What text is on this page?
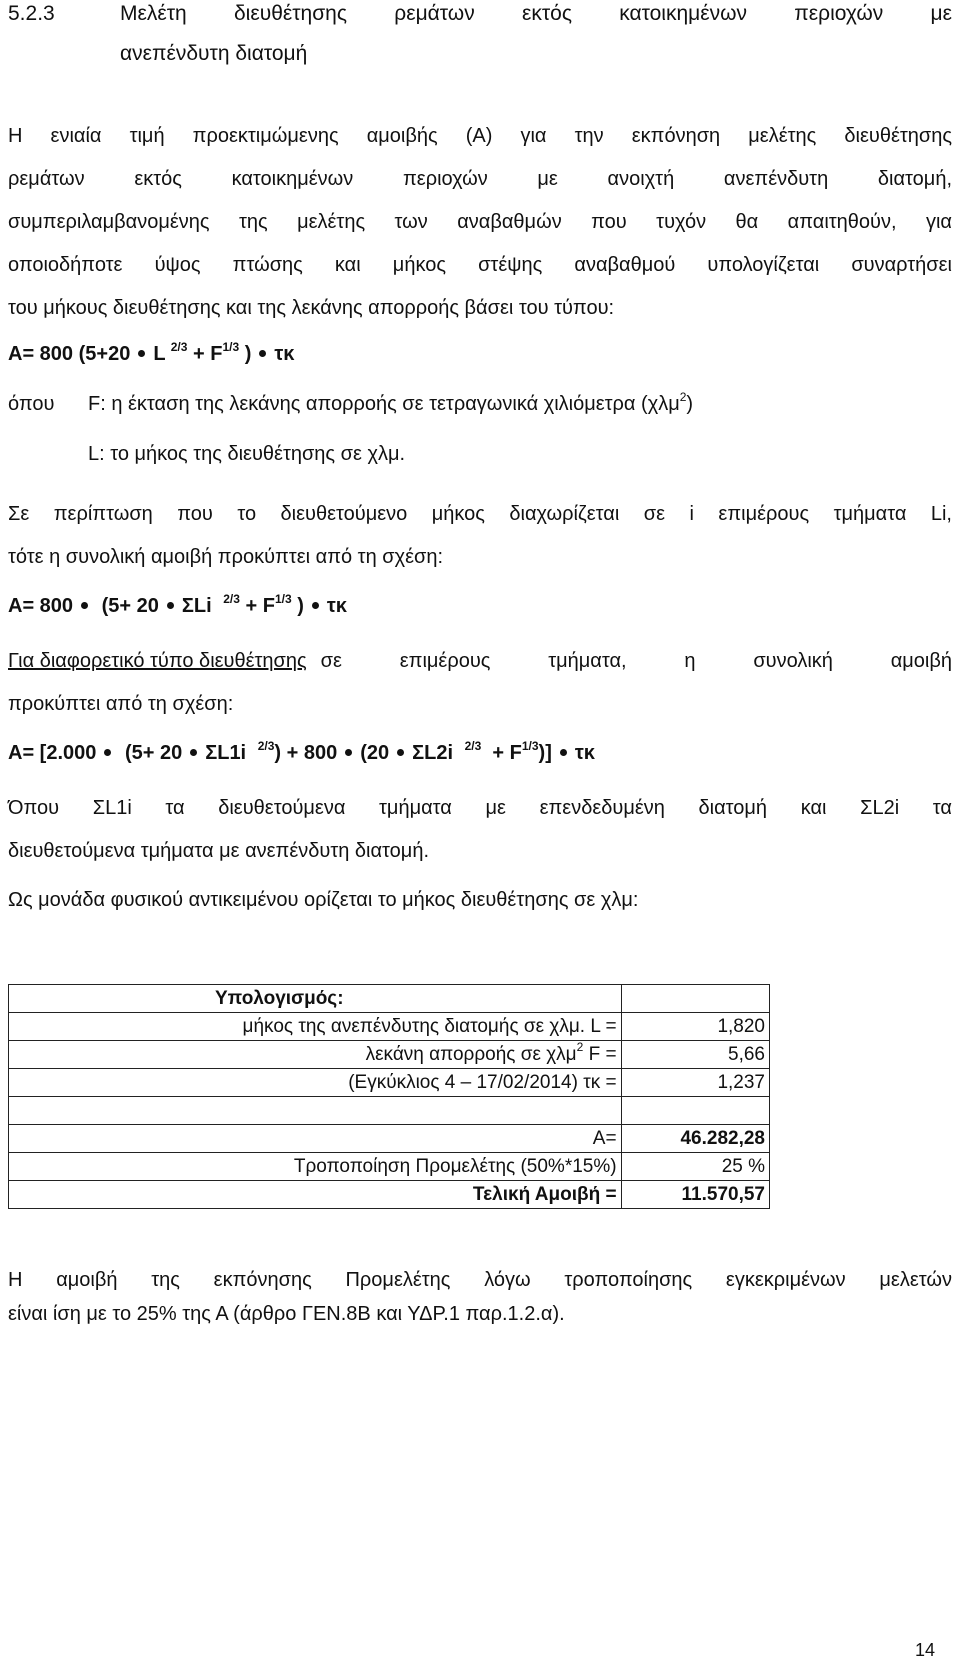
5.2.3	Μελέτη διευθέτησης ρεμάτων εκτός κατοικημένων περιοχών με
ανεπένδυτη διατομή
Η ενιαία τιμή προεκτιμώμενης αμοιβής (Α) για την εκπόνηση μελέτης διευθέτησης
ρεμάτων εκτός κατοικημένων περιοχών με ανοιχτή ανεπένδυτη διατομή,
συμπεριλαμβανομένης της μελέτης των αναβαθμών που τυχόν θα απαιτηθούν, για
οποιοδήποτε ύψος πτώσης και μήκος στέψης αναβαθμού υπολογίζεται συναρτήσει
του μήκους διευθέτησης και της λεκάνης απορροής βάσει του τύπου:
Α= 800 (5+20 L $^{2/3} + F^{1/3}$ ) τκ
όπου F: η έκταση της λεκάνης απορροής σε τετραγωνικά χιλιόμετρα (χλμ$^2$)
L: το μήκος της διευθέτησης σε χλμ.
Σε περίπτωση που το διευθετούμενο μήκος διαχωρίζεται σε i επιμέρους τμήματα Li,
τότε η συνολική αμοιβή προκύπτει από τη σχέση:
Α= 800 (5+ 20 ΣLi $^{2/3} + F^{1/3}$ ) τκ
Για διαφορετικό τύπο διευθέτησης σε επιμέρους τμήματα, η συνολική αμοιβή
προκύπτει από τη σχέση:
Α= [2.000 (5+ 20 ΣL1i $^{2/3}$) + 800 (20 ΣL2i $^{2/3} + F^{1/3}$)] τκ
Όπου ΣL1i τα διευθετούμενα τμήματα με επενδεδυμένη διατομή και ΣL2i τα
διευθετούμενα τμήματα με ανεπένδυτη διατομή.
Ως μονάδα φυσικού αντικειμένου ορίζεται το μήκος διευθέτησης σε χλμ:
Υπολογισμός:	
μήκος της ανεπένδυτης διατομής σε χλμ. L =	1,820
λεκάνη απορροής σε χλμ$^2$ F =	5,66
(Εγκύκλιος 4 – 17/02/2014) τκ =	1,237

Α=	46.282,28
Τροποποίηση Προμελέτης (50%*15%)	25 %
Τελική Αμοιβή =	11.570,57
Η αμοιβή της εκπόνησης Προμελέτης λόγω τροποποίησης εγκεκριμένων μελετών
είναι ίση με το 25% της Α (άρθρο ΓΕΝ.8Β και ΥΔΡ.1 παρ.1.2.α).
14
